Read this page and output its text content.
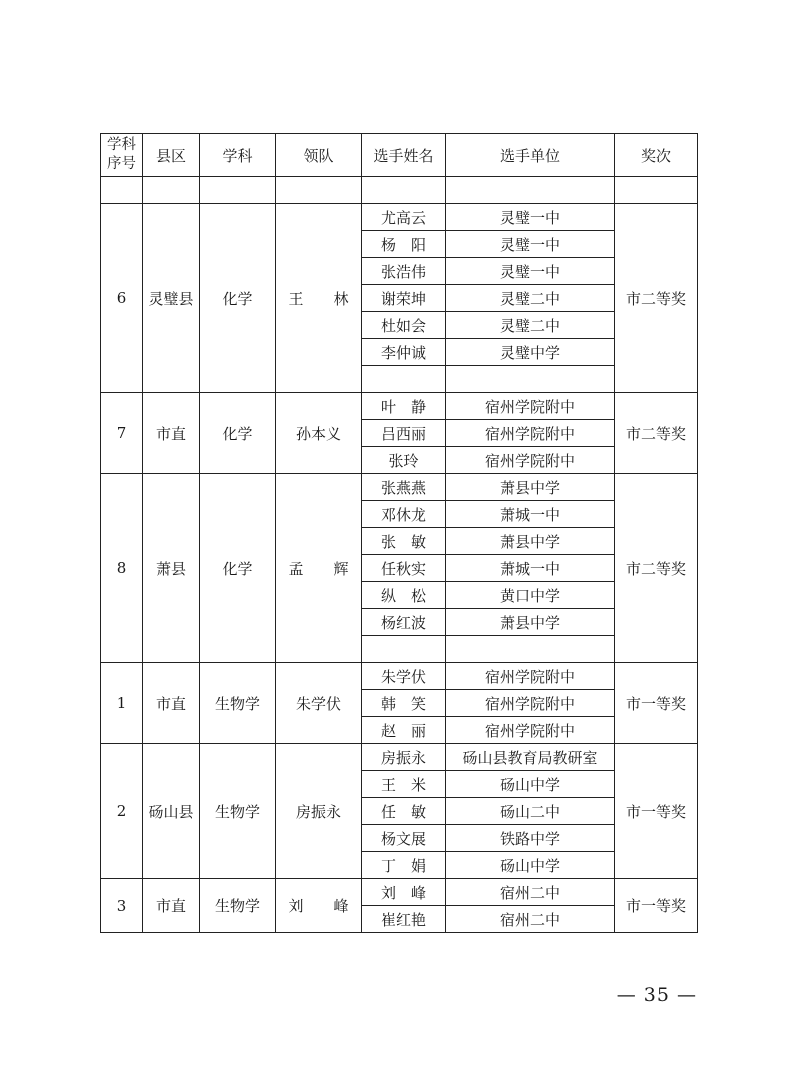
学科序号	县区	学科	领队	选手姓名	选手单位	奖次

6	灵璧县	化学	王　　林	尤高云	灵璧一中	市二等奖
				杨　阳	灵璧一中	
				张浩伟	灵璧一中	
				谢荣坤	灵璧二中	
				杜如会	灵璧二中	
				李仲诚	灵璧中学	

7	市直	化学	孙本义	叶　静	宿州学院附中	市二等奖
				吕西丽	宿州学院附中	
				张玲	宿州学院附中	
8	萧县	化学	孟　　辉	张燕燕	萧县中学	市二等奖
				邓休龙	萧城一中	
				张　敏	萧县中学	
				任秋实	萧城一中	
				纵　松	黄口中学	
				杨红波	萧县中学	

1	市直	生物学	朱学伏	朱学伏	宿州学院附中	市一等奖
				韩　笑	宿州学院附中	
				赵　丽	宿州学院附中	
2	砀山县	生物学	房振永	房振永	砀山县教育局教研室	市一等奖
				王　米	砀山中学	
				任　敏	砀山二中	
				杨文展	铁路中学	
				丁　娟	砀山中学	
3	市直	生物学	刘　　峰	刘　峰	宿州二中	市一等奖
				崔红艳	宿州二中	
— 35 —
